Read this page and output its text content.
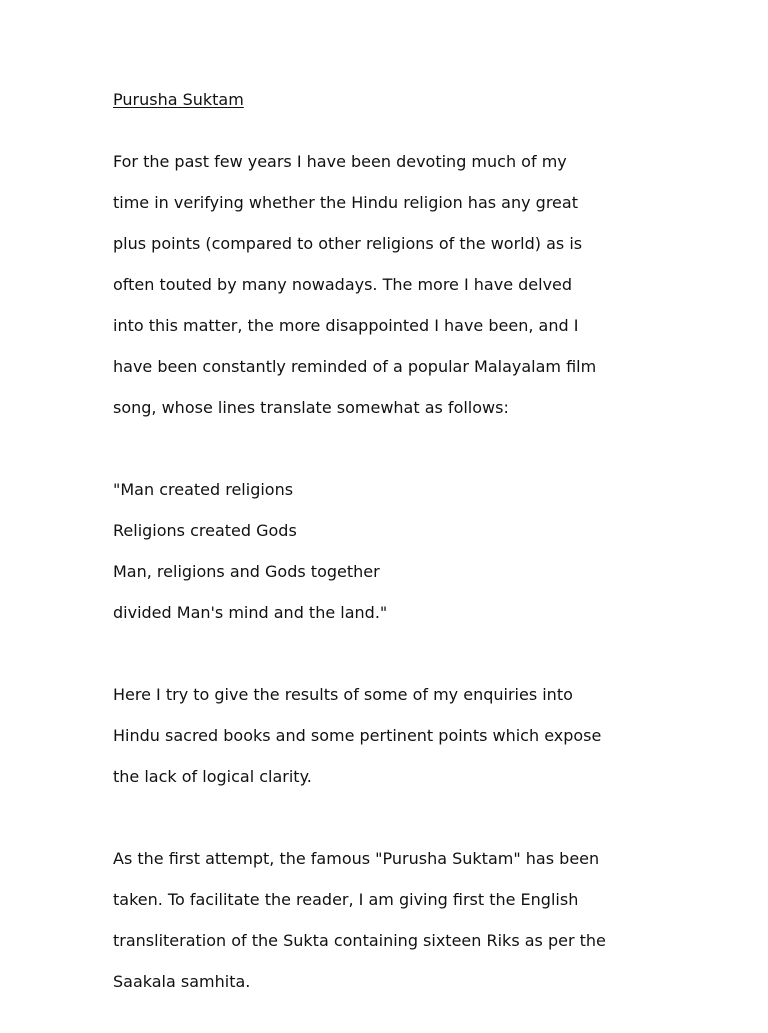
Purusha Suktam

For the past few years I have been devoting much of my

time in verifying whether the Hindu religion has any great

plus points (compared to other religions of the world) as is

often touted by many nowadays. The more I have delved

into this matter, the more disappointed I have been, and I

have been constantly reminded of a popular Malayalam film

song, whose lines translate somewhat as follows:

"Man created religions

Religions created Gods

Man, religions and Gods together

divided Man's mind and the land."

Here I try to give the results of some of my enquiries into

Hindu sacred books and some pertinent points which expose

the lack of logical clarity.

As the first attempt, the famous "Purusha Suktam" has been

taken. To facilitate the reader, I am giving first the English

transliteration of the Sukta containing sixteen Riks as per the

Saakala samhita.
